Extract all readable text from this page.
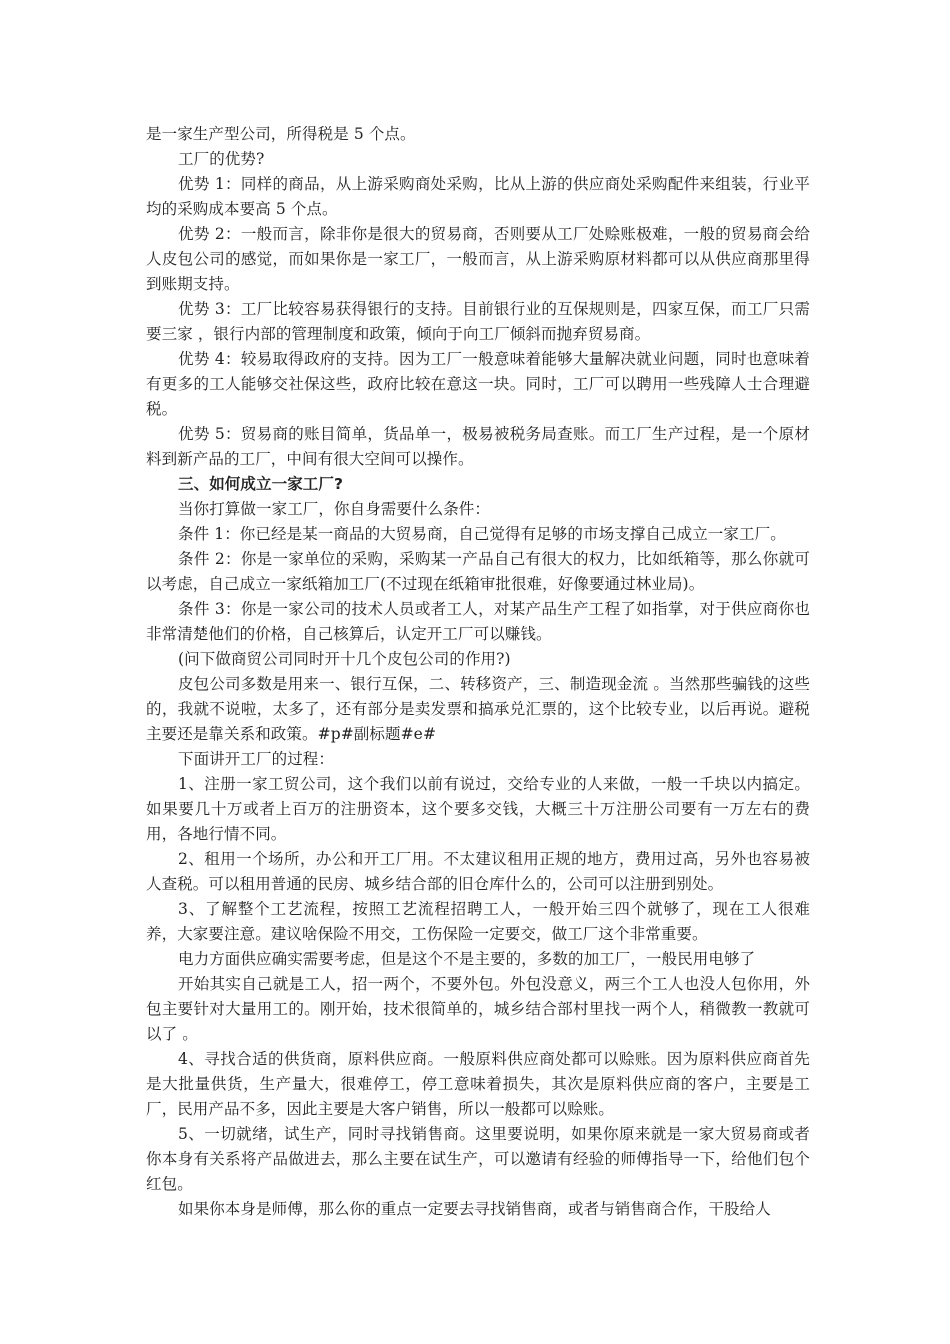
是一家生产型公司，所得税是 5 个点。

工厂的优势?

优势 1：同样的商品，从上游采购商处采购，比从上游的供应商处采购配件来组装，行业平均的采购成本要高 5 个点。

优势 2：一般而言，除非你是很大的贸易商，否则要从工厂处赊账极难，一般的贸易商会给人皮包公司的感觉，而如果你是一家工厂，一般而言，从上游采购原材料都可以从供应商那里得到账期支持。

优势 3：工厂比较容易获得银行的支持。目前银行业的互保规则是，四家互保，而工厂只需要三家 ，银行内部的管理制度和政策，倾向于向工厂倾斜而抛弃贸易商。

优势 4：较易取得政府的支持。因为工厂一般意味着能够大量解决就业问题，同时也意味着有更多的工人能够交社保这些，政府比较在意这一块。同时，工厂可以聘用一些残障人士合理避税。

优势 5：贸易商的账目简单，货品单一，极易被税务局查账。而工厂生产过程，是一个原材料到新产品的工厂，中间有很大空间可以操作。

三、如何成立一家工厂?

当你打算做一家工厂，你自身需要什么条件：

条件 1：你已经是某一商品的大贸易商，自己觉得有足够的市场支撑自己成立一家工厂。

条件 2：你是一家单位的采购，采购某一产品自己有很大的权力，比如纸箱等，那么你就可以考虑，自己成立一家纸箱加工厂(不过现在纸箱审批很难，好像要通过林业局)。

条件 3：你是一家公司的技术人员或者工人，对某产品生产工程了如指掌，对于供应商你也非常清楚他们的价格，自己核算后，认定开工厂可以赚钱。

(问下做商贸公司同时开十几个皮包公司的作用?)

皮包公司多数是用来一、银行互保，二、转移资产，三、制造现金流 。当然那些骗钱的这些的，我就不说啦，太多了，还有部分是卖发票和搞承兑汇票的，这个比较专业，以后再说。避税主要还是靠关系和政策。#p#副标题#e#

下面讲开工厂的过程：

1、注册一家工贸公司，这个我们以前有说过，交给专业的人来做，一般一千块以内搞定。如果要几十万或者上百万的注册资本，这个要多交钱，大概三十万注册公司要有一万左右的费用，各地行情不同。

2、租用一个场所，办公和开工厂用。不太建议租用正规的地方，费用过高，另外也容易被人查税。可以租用普通的民房、城乡结合部的旧仓库什么的，公司可以注册到别处。

3、了解整个工艺流程，按照工艺流程招聘工人，一般开始三四个就够了，现在工人很难养，大家要注意。建议啥保险不用交，工伤保险一定要交，做工厂这个非常重要。

电力方面供应确实需要考虑，但是这个不是主要的，多数的加工厂，一般民用电够了

开始其实自己就是工人，招一两个，不要外包。外包没意义，两三个工人也没人包你用，外包主要针对大量用工的。刚开始，技术很简单的，城乡结合部村里找一两个人，稍微教一教就可以了 。

4、寻找合适的供货商，原料供应商。一般原料供应商处都可以赊账。因为原料供应商首先是大批量供货，生产量大，很难停工，停工意味着损失，其次是原料供应商的客户，主要是工厂，民用产品不多，因此主要是大客户销售，所以一般都可以赊账。

5、一切就绪，试生产，同时寻找销售商。这里要说明，如果你原来就是一家大贸易商或者你本身有关系将产品做进去，那么主要在试生产，可以邀请有经验的师傅指导一下，给他们包个红包。

如果你本身是师傅，那么你的重点一定要去寻找销售商，或者与销售商合作，干股给人
